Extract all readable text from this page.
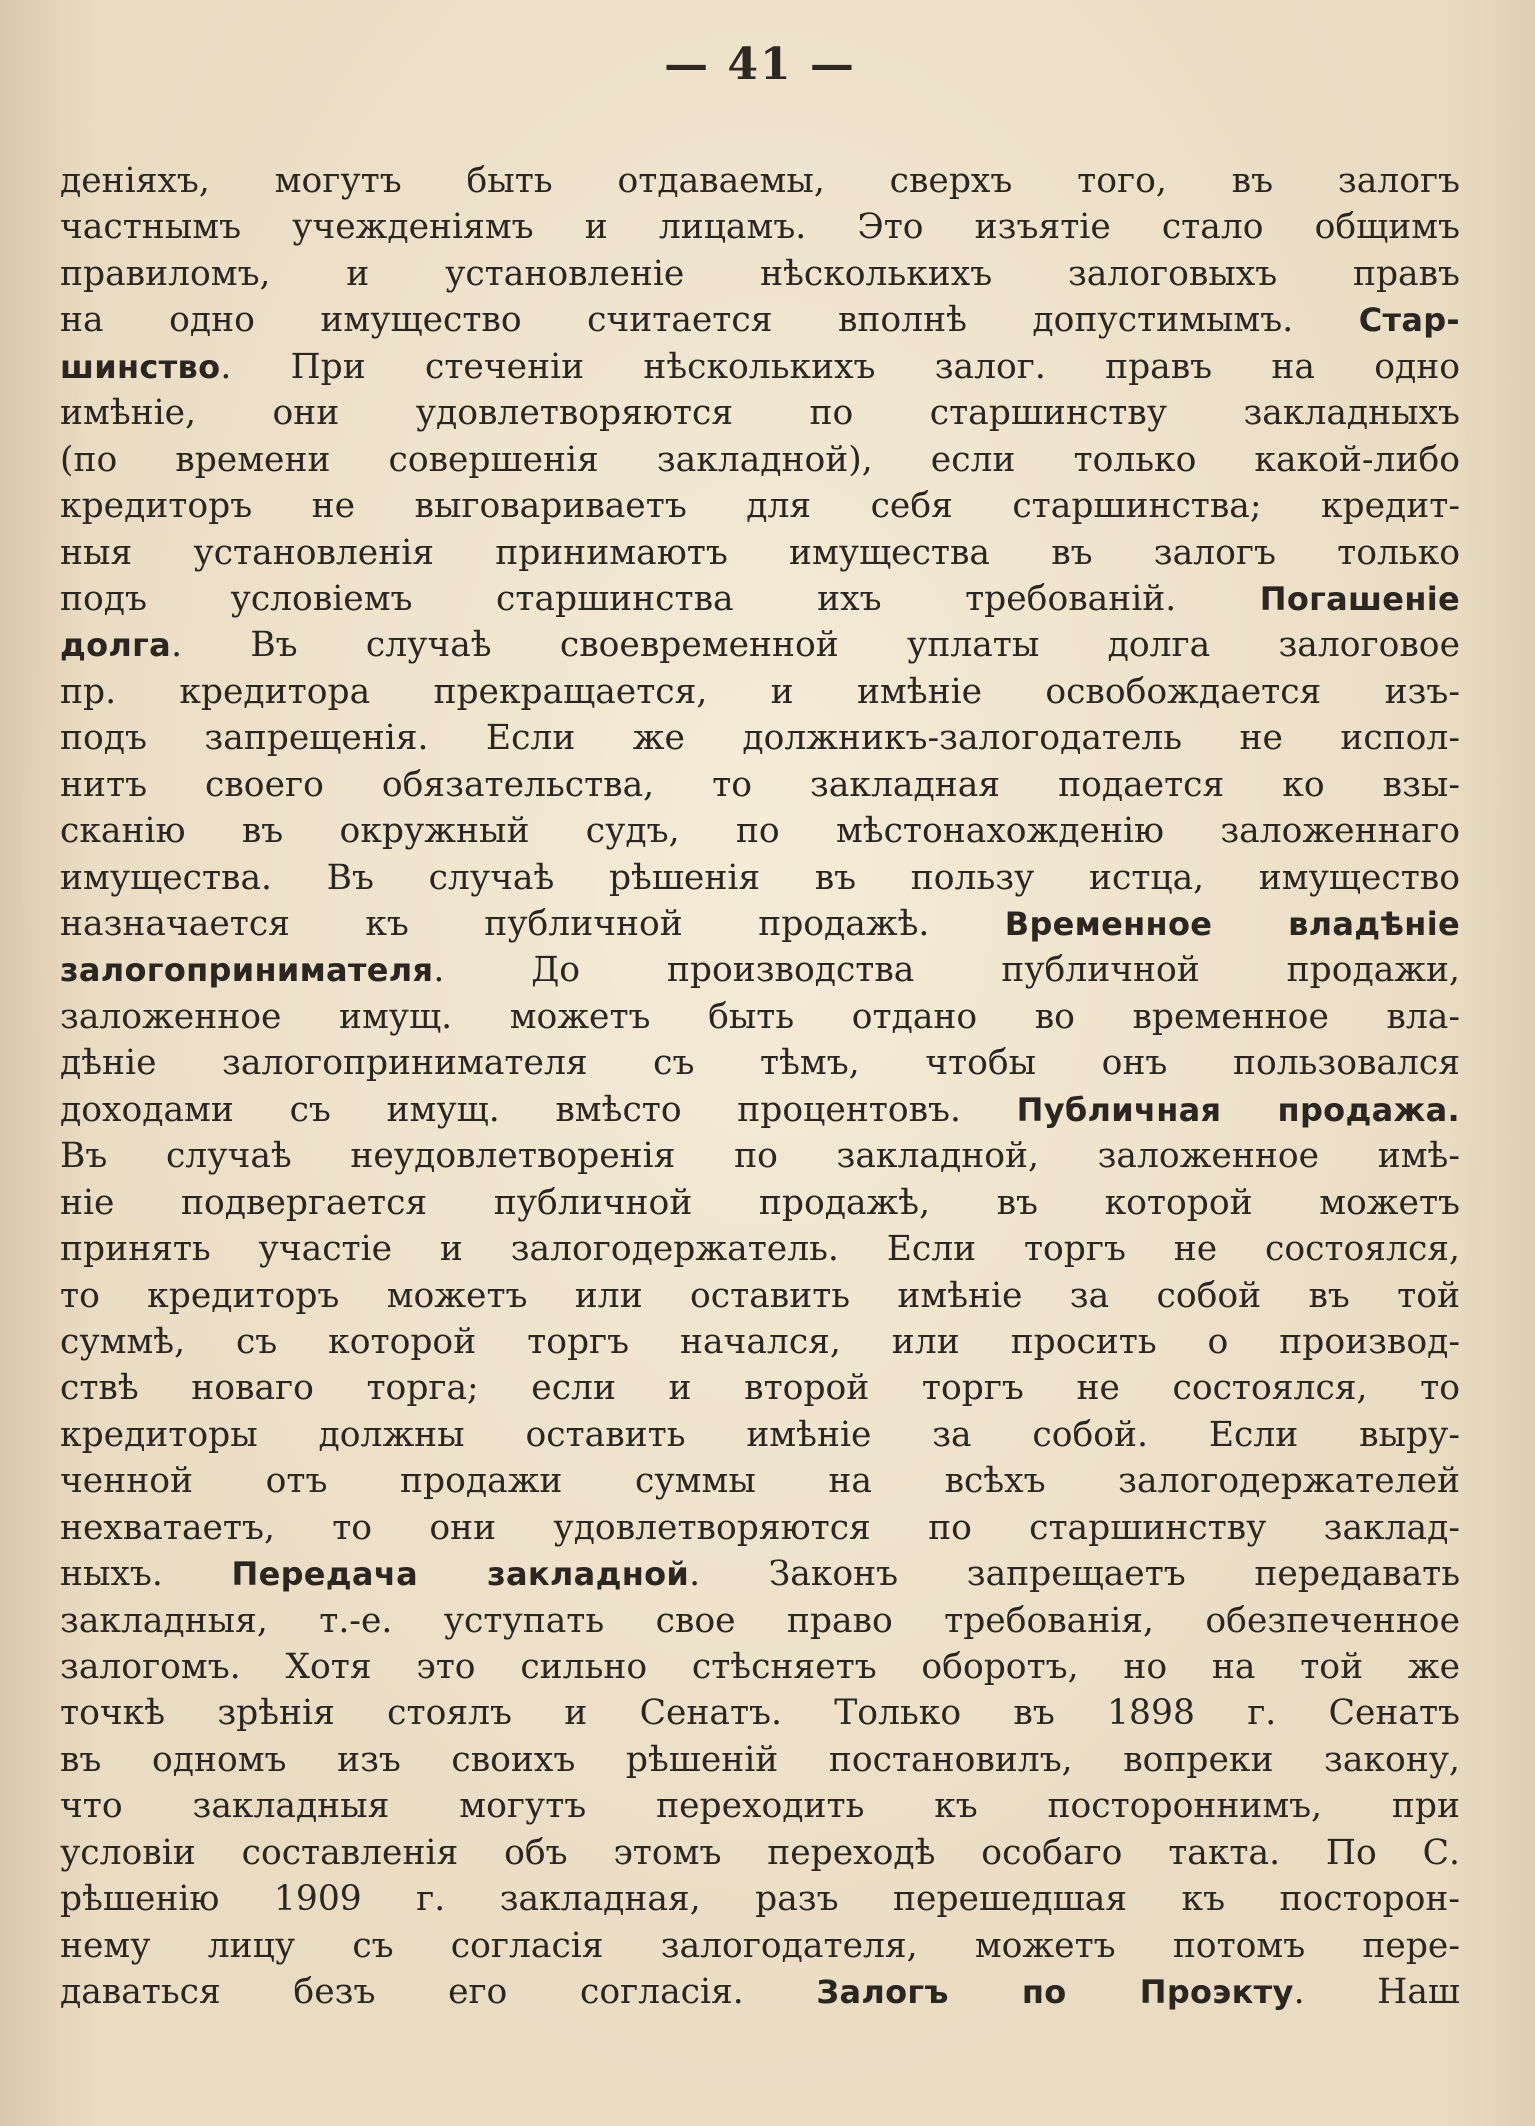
— 41 —
деніяхъ, могутъ быть отдаваемы, сверхъ того, въ залогъ
частнымъ учежденіямъ и лицамъ. Это изъятіе стало общимъ
правиломъ, и установленіе нѣсколькихъ залоговыхъ правъ
на одно имущество считается вполнѣ допустимымъ. Стар-
шинство. При стеченіи нѣсколькихъ залог. правъ на одно
имѣніе, они удовлетворяются по старшинству закладныхъ
(по времени совершенія закладной), если только какой-либо
кредиторъ не выговариваетъ для себя старшинства; кредит-
ныя установленія принимаютъ имущества въ залогъ только
подъ условіемъ старшинства ихъ требованій. Погашеніе
долга. Въ случаѣ своевременной уплаты долга залоговое
пр. кредитора прекращается, и имѣніе освобождается изъ-
подъ запрещенія. Если же должникъ-залогодатель не испол-
нитъ своего обязательства, то закладная подается ко взы-
сканію въ окружный судъ, по мѣстонахожденію заложеннаго
имущества. Въ случаѣ рѣшенія въ пользу истца, имущество
назначается къ публичной продажѣ. Временное владѣніе
залогопринимателя. До производства публичной продажи,
заложенное имущ. можетъ быть отдано во временное вла-
дѣніе залогопринимателя съ тѣмъ, чтобы онъ пользовался
доходами съ имущ. вмѣсто процентовъ. Публичная продажа.
Въ случаѣ неудовлетворенія по закладной, заложенное имѣ-
ніе подвергается публичной продажѣ, въ которой можетъ
принять участіе и залогодержатель. Если торгъ не состоялся,
то кредиторъ можетъ или оставить имѣніе за собой въ той
суммѣ, съ которой торгъ начался, или просить о производ-
ствѣ новаго торга; если и второй торгъ не состоялся, то
кредиторы должны оставить имѣніе за собой. Если выру-
ченной отъ продажи суммы на всѣхъ залогодержателей
нехватаетъ, то они удовлетворяются по старшинству заклад-
ныхъ. Передача закладной. Законъ запрещаетъ передавать
закладныя, т.-е. уступать свое право требованія, обезпеченное
залогомъ. Хотя это сильно стѣсняетъ оборотъ, но на той же
точкѣ зрѣнія стоялъ и Сенатъ. Только въ 1898 г. Сенатъ
въ одномъ изъ своихъ рѣшеній постановилъ, вопреки закону,
что закладныя могутъ переходить къ постороннимъ, при
условіи составленія объ этомъ переходѣ особаго такта. По С.
рѣшенію 1909 г. закладная, разъ перешедшая къ посторон-
нему лицу съ согласія залогодателя, можетъ потомъ пере-
даваться безъ его согласія. Залогъ по Проэкту. Наш
